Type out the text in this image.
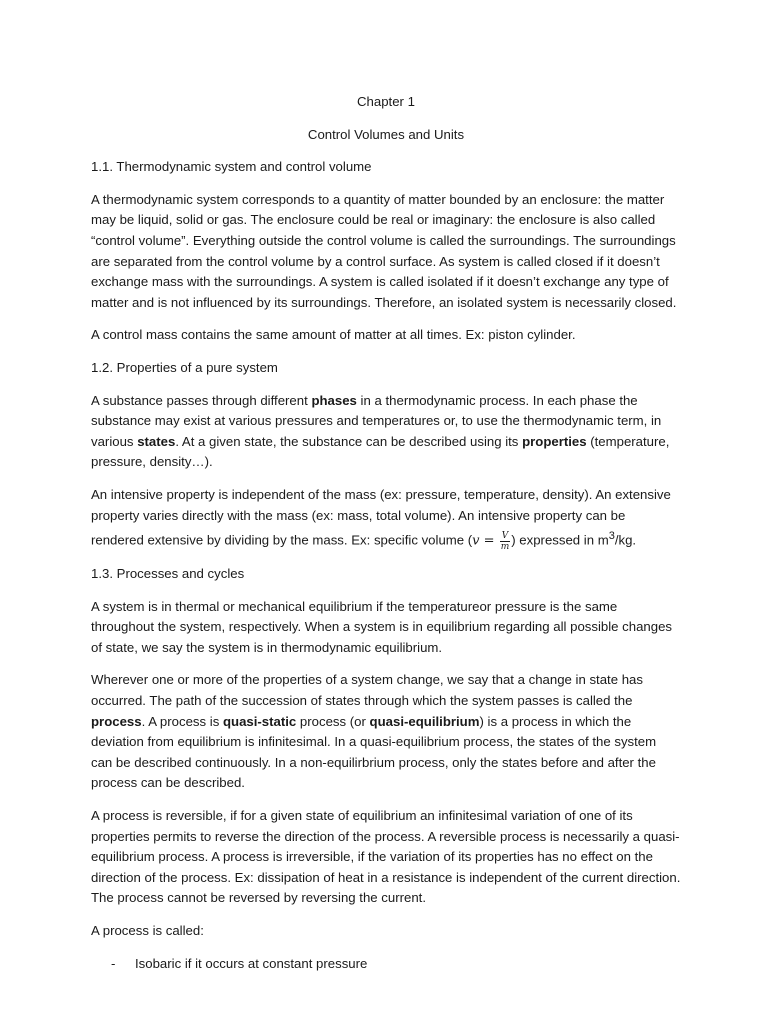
Chapter 1

Control Volumes and Units

1.1. Thermodynamic system and control volume

A thermodynamic system corresponds to a quantity of matter bounded by an enclosure: the matter may be liquid, solid or gas. The enclosure could be real or imaginary: the enclosure is also called “control volume”. Everything outside the control volume is called the surroundings. The surroundings are separated from the control volume by a control surface. As system is called closed if it doesn’t exchange mass with the surroundings. A system is called isolated if it doesn’t exchange any type of matter and is not influenced by its surroundings. Therefore, an isolated system is necessarily closed.

A control mass contains the same amount of matter at all times. Ex: piston cylinder.

1.2. Properties of a pure system

A substance passes through different phases in a thermodynamic process. In each phase the substance may exist at various pressures and temperatures or, to use the thermodynamic term, in various states. At a given state, the substance can be described using its properties (temperature, pressure, density…).

An intensive property is independent of the mass (ex: pressure, temperature, density). An extensive property varies directly with the mass (ex: mass, total volume). An intensive property can be rendered extensive by dividing by the mass. Ex: specific volume ($v = \frac{V}{m}$ ) expressed in $m^3/kg$.

1.3. Processes and cycles

A system is in thermal or mechanical equilibrium if the temperatureor pressure is the same throughout the system, respectively. When a system is in equilibrium regarding all possible changes of state, we say the system is in thermodynamic equilibrium.

Wherever one or more of the properties of a system change, we say that a change in state has occurred. The path of the succession of states through which the system passes is called the process. A process is quasi-static process (or quasi-equilibrium) is a process in which the deviation from equilibrium is infinitesimal. In a quasi-equilibrium process, the states of the system can be described continuously. In a non-equilirbrium process, only the states before and after the process can be described.

A process is reversible, if for a given state of equilibrium an infinitesimal variation of one of its properties permits to reverse the direction of the process. A reversible process is necessarily a quasi-equilibrium process. A process is irreversible, if the variation of its properties has no effect on the direction of the process. Ex: dissipation of heat in a resistance is independent of the current direction. The process cannot be reversed by reversing the current.

A process is called:

- Isobaric if it occurs at constant pressure
